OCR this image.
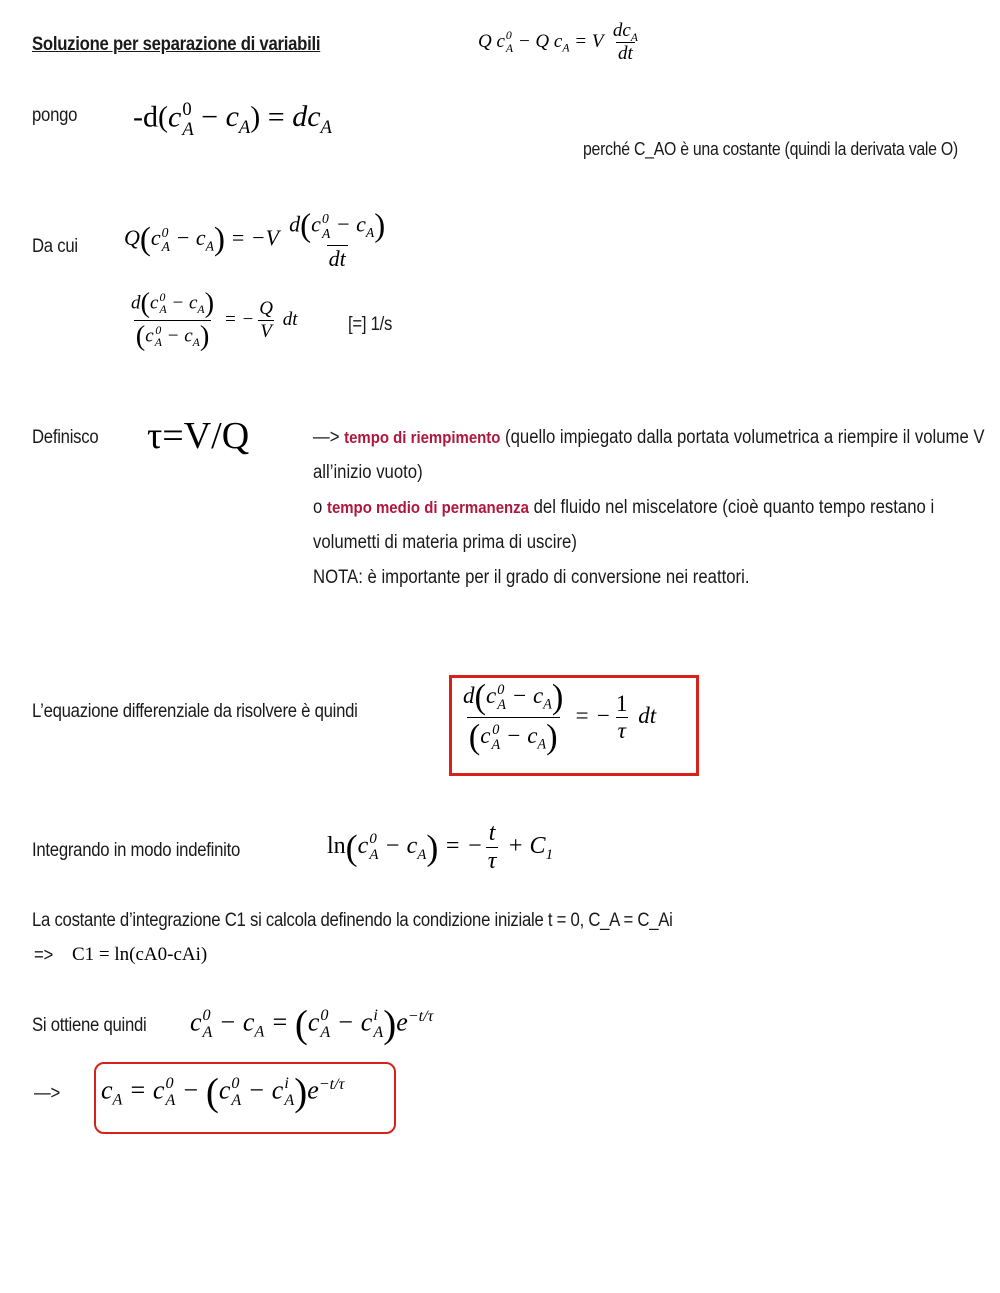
Soluzione per separazione di variabili	Q c 0
A − Q $c_A = V \frac{dc_A}{dt}$
pongo -d(c 0
$A - c_A) = dc_A$
perché C_AO è una costante (quindi la derivata vale O)
Da cui Q(c 0
$A - c_A) = -V$ d(c 0
$A - c_A$)
dt
d(c 0
$A - c_A$)
(c 0
$A - c_A$) = − $\frac{Q}{V}$ dt	[=] 1/s
Definisco τ=V/Q	—> tempo di riempimento (quello impiegato dalla portata volumetrica a riempire il volume V all’inizio vuoto)
o tempo medio di permanenza del fluido nel miscelatore (cioè quanto tempo restano i volumetti di materia prima di uscire)
NOTA: è importante per il grado di conversione nei reattori.
L’equazione differenziale da risolvere è quindi	d(c 0
$A - c_A$)
(c 0
$A - c_A$) = − $\frac{1}{\tau}$ dt
Integrando in modo indefinito	ln(c 0
$A - c_A$) = − $\frac{t}{\tau} + C_1$
La costante d’integrazione C1 si calcola definendo la condizione iniziale t = 0, C_A = C_Ai
=> C1 = ln(cA0-cAi)
Si ottiene quindi c 0
$A - c_A = (c$ 0
A − c i
A )$e^{-t/\tau}$
—> $c_A = c$ 0
A − (c 0
A − c i
A )$e^{-t/\tau}$
